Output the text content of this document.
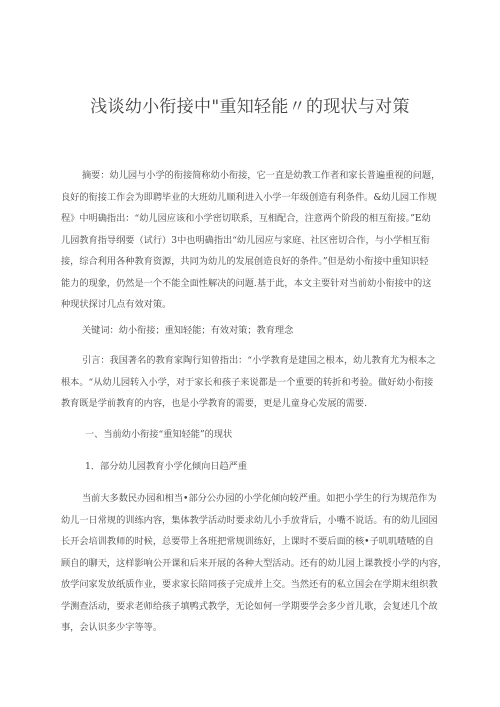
浅谈幼小衔接中"重知轻能〃的现状与对策
摘要：幼儿园与小学的衔接简称幼小衔接，它一直是幼教工作者和家长普遍重视的问题，
良好的衔接工作会为即聘毕业的大班幼儿顺利进入小学一年级创造有利条件。&幼儿园工作规
程》中明确指出：“幼儿园应该和小学密切联系，互相配合，注意两个阶段的相互衔接。”E幼
儿园教育指导纲要（试行）3中也明确指出“幼儿园应与家庭、社区密切合作，与小学相互衔
接，综合利用各种教育资源，共同为幼儿的发展创造良好的条件。”但是幼小衔接中重知识轻
能力的现象，仍然是一个不能全面性解决的问题.基于此，本文主要针对当前幼小衔接中的这
种现状探讨几点有效对策。
关键词：幼小衔接；重知轻能；有效对策；教育理念
引言：我国著名的教育家陶行知曾指出：“小学教育是建国之根本，幼儿教育尤为根本之
根本。“从幼儿园转入小学，对于家长和孩子来说都是一个重要的转折和考验。做好幼小衔接
教育既是学前教育的内容，也是小学教育的需要，更是儿童身心发展的需要.
一、当前幼小衔接“重知轻能”的现状
1．部分幼儿园教育小学化倾向日趋严重
当前大多数民办园和相当•部分公办园的小学化倾向较严重。如把小学生的行为规范作为
幼儿一日常规的训练内容，集体教学活动时要求幼儿小手放背后，小嘴不说话。有的幼儿园园
长开会培训教师的时候，总要带上各班把常规训练好，上课时不要后面的核•子叽叽喳喳的自
顾自的聊天，这样影响公开课和后来开展的各种大型活动。还有的幼儿园上课教授小学的内容，
放学问家发放纸质作业，要求家长陪同孩子完成并上交。当然还有的私立国会在学期末组织教
学测查活动，要求老师给孩子填鸭式教学，无论如何一学期要学会多少首儿歌，会复述几个故
事，会认识多少字等等。
